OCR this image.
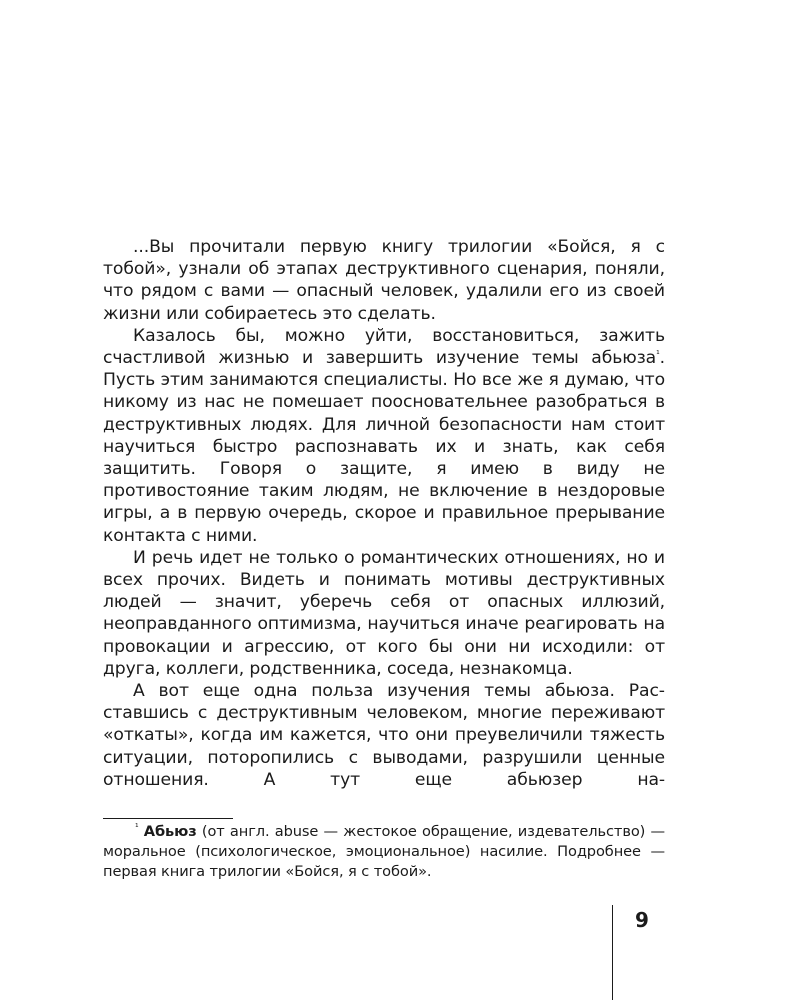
...Вы прочитали первую книгу трилогии «Бойся, я с тобой», узнали об этапах деструктивного сценария, поняли, что рядом с вами — опасный человек, удалили его из своей жизни или собираетесь это сделать.

Казалось бы, можно уйти, восстановиться, зажить счастливой жизнью и завершить изучение темы абьюза$^{^1}$. Пусть этим занимаются специалисты. Но все же я думаю, что никому из нас не помешает поосновательнее разобраться в деструктивных людях. Для личной безопасности нам стоит научиться быстро распознавать их и знать, как себя защитить. Говоря о защите, я имею в виду не противостояние таким людям, не включение в нездоровые игры, а в первую очередь, скорое и правильное прерывание контакта с ними.

И речь идет не только о романтических отношениях, но и всех прочих. Видеть и понимать мотивы деструктивных людей — значит, уберечь себя от опасных иллюзий, неоправданного оптимизма, научиться иначе реагировать на провокации и агрессию, от кого бы они ни исходили: от друга, коллеги, родственника, соседа, незнакомца.

А вот еще одна польза изучения темы абьюза. Расставшись с деструктивным человеком, многие переживают «откаты», когда им кажется, что они преувеличили тяжесть ситуации, поторопились с выводами, разрушили ценные отношения. А тут еще абьюзер на-

$^{^1}$ Абьюз (от англ. abuse — жестокое обращение, издевательство) — моральное (психологическое, эмоциональное) насилие. Подробнее — первая книга трилогии «Бойся, я с тобой».

9
